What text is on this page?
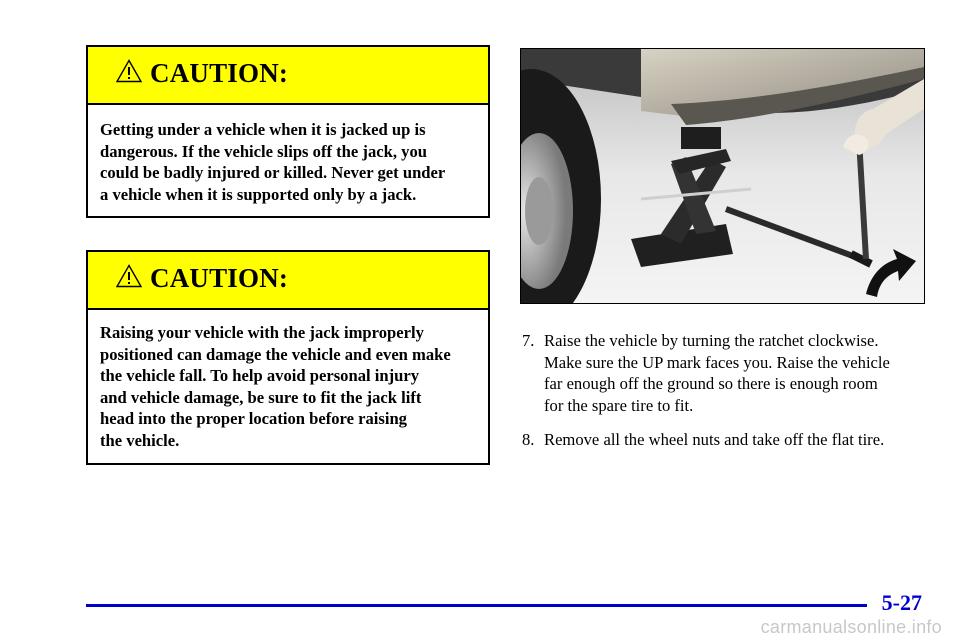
CAUTION:
Getting under a vehicle when it is jacked up is
dangerous. If the vehicle slips off the jack, you
could be badly injured or killed. Never get under
a vehicle when it is supported only by a jack.
CAUTION:
Raising your vehicle with the jack improperly
positioned can damage the vehicle and even make
the vehicle fall. To help avoid personal injury
and vehicle damage, be sure to fit the jack lift
head into the proper location before raising
the vehicle.
7. Raise the vehicle by turning the ratchet clockwise.
Make sure the UP mark faces you. Raise the vehicle
far enough off the ground so there is enough room
for the spare tire to fit.
8. Remove all the wheel nuts and take off the flat tire.
5-27
carmanualsonline.info
